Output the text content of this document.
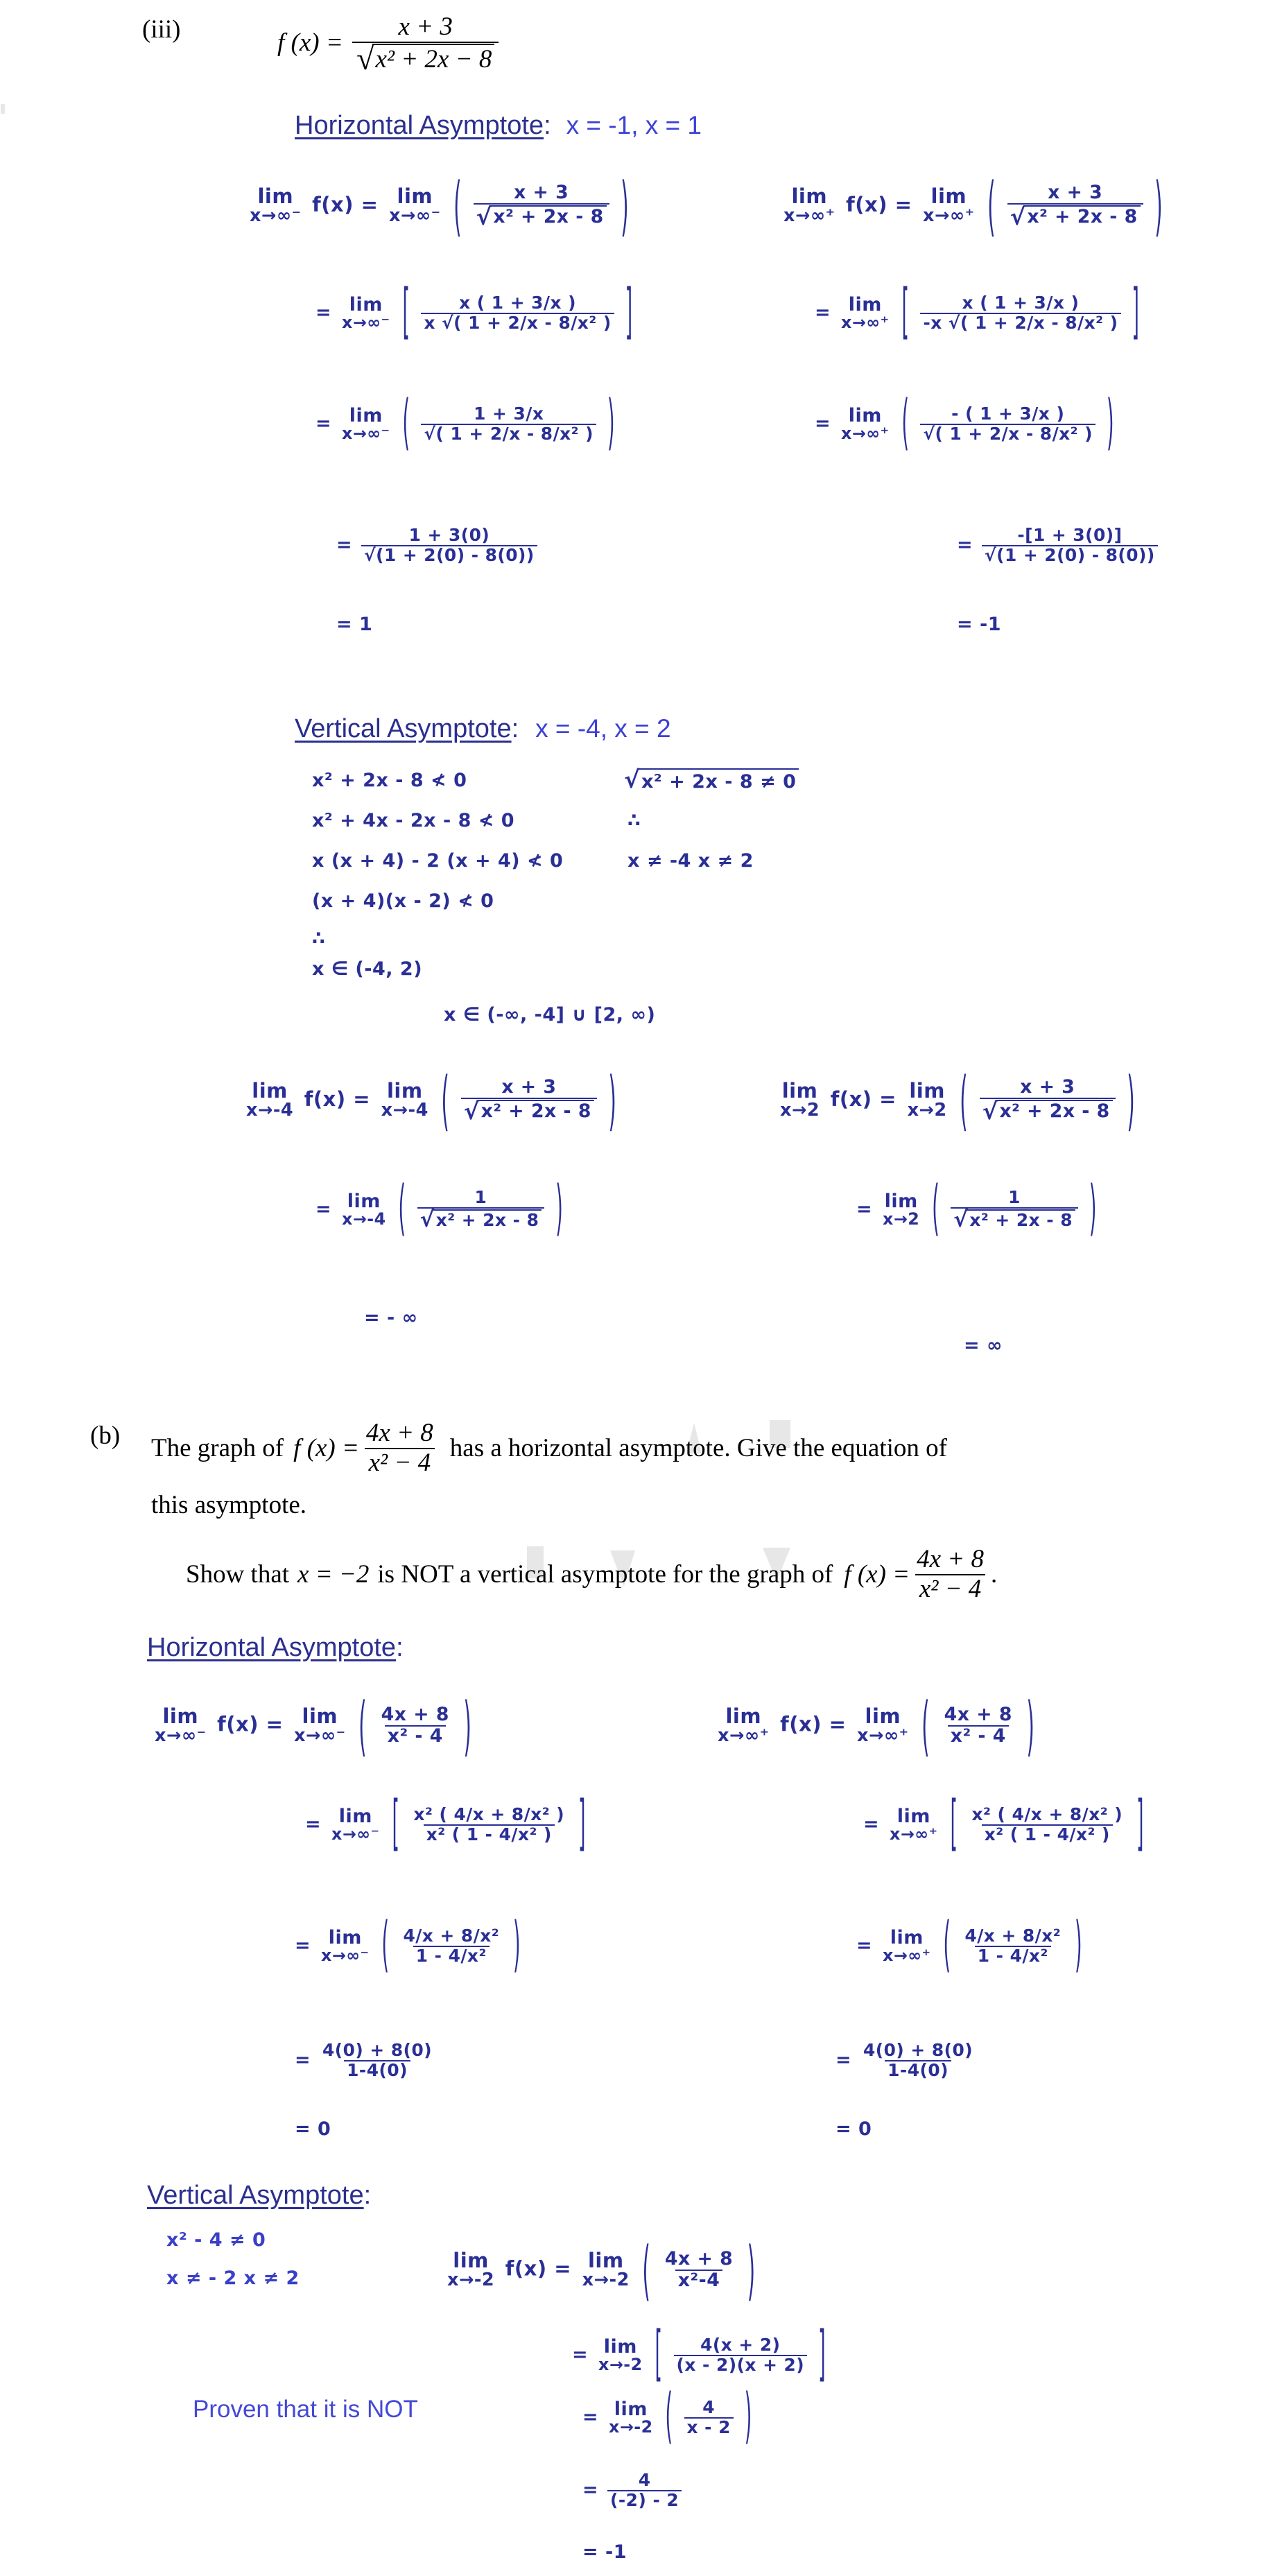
(iii)	f $(x) = \frac{x + 3}{\text{√ x² + 2x − 8}}$
Horizontal Asymptote: x = -1, x = 1
lim
x→∞⁻ f(x) = lim
x→∞⁻ ( $\frac{x + 3}{\text{√ x² + 2x - 8}}$ )
= lim
x→∞⁻ [ $\frac{x ( 1 + 3/x )}{\text{x √( 1 + 2/x - 8/x² )}}$ ]
= lim
x→∞⁻ ( $\frac{1 + 3/x}{\text{√( 1 + 2/x - 8/x² )}}$ )
= $\frac{1 + 3(0)}{√(1 + 2(0) - 8(0))}$
= 1
lim
x→∞⁺ f(x) = lim
x→∞⁺ ( $\frac{x + 3}{\text{√ x² + 2x - 8}}$ )
= lim
x→∞⁺ [ $\frac{x ( 1 + 3/x )}{\text{-x √( 1 + 2/x - 8/x² )}}$ ]
= lim
x→∞⁺ ( $\frac{- ( 1 + 3/x )}{\text{√( 1 + 2/x - 8/x² )}}$ )
= $\frac{-[1 + 3(0)]}{√(1 + 2(0) - 8(0))}$
= -1
Vertical Asymptote: x = -4, x = 2
x² + 2x - 8 ≮ 0
x² + 4x - 2x - 8 ≮ 0
x (x + 4) - 2 (x + 4) ≮ 0
(x + 4)(x - 2) ≮ 0
∴
x ∈ (-4, 2)
√ x² + 2x - 8 ≠ 0
∴
x ≠ -4 x ≠ 2
x ∈ (-∞, -4] ∪ [2, ∞)
lim
x→-4 f(x) = lim
x→-4 ( $\frac{x + 3}{\text{√ x² + 2x - 8}}$ )
= lim
x→-4 ( $\frac{1}{\text{√ x² + 2x - 8}}$ )
= - ∞
lim
x→2 f(x) = lim
x→2 ( $\frac{x + 3}{\text{√ x² + 2x - 8}}$ )
= lim
x→2 ( $\frac{1}{\text{√ x² + 2x - 8}}$ )
= ∞
(b) The graph of f $(x) = \frac{4x + 8}{\text{x² − 4}}$ has a horizontal asymptote. Give the equation of
this asymptote.
Show that x = −2 is NOT a vertical asymptote for the graph of f $(x) = \frac{4x + 8}{\text{x² − 4}}$ .
Horizontal Asymptote:
lim
x→∞⁻ f(x) = lim
x→∞⁻ ( $\frac{4x + 8}{\text{x² - 4}}$ )
= lim
x→∞⁻ [ $\frac{\text{x² ( 4/x + 8/x² )}}{\text{x² ( 1 - 4/x² )}}$ ]
= lim
x→∞⁻ ( $\frac{\text{4/x + 8/x²}}{\text{1 - 4/x²}}$ )
= $\frac{4(0) + 8(0)}{1-4(0)}$
= 0
lim
x→∞⁺ f(x) = lim
x→∞⁺ ( $\frac{4x + 8}{\text{x² - 4}}$ )
= lim
x→∞⁺ [ $\frac{\text{x² ( 4/x + 8/x² )}}{\text{x² ( 1 - 4/x² )}}$ ]
= lim
x→∞⁺ ( $\frac{\text{4/x + 8/x²}}{\text{1 - 4/x²}}$ )
= $\frac{4(0) + 8(0)}{1-4(0)}$
= 0
Vertical Asymptote:
x² - 4 ≠ 0
x ≠ - 2 x ≠ 2
lim
x→-2 f(x) = lim
x→-2 ( $\frac{4x + 8}{\text{x²-4}}$ )
= lim
x→-2 [ $\frac{4(x + 2)}{(x - 2)(x + 2)}$ ]
Proven that it is NOT	= lim
x→-2 ( $\frac{4}{x - 2}$ )
= $\frac{4}{(-2) - 2}$
= -1
